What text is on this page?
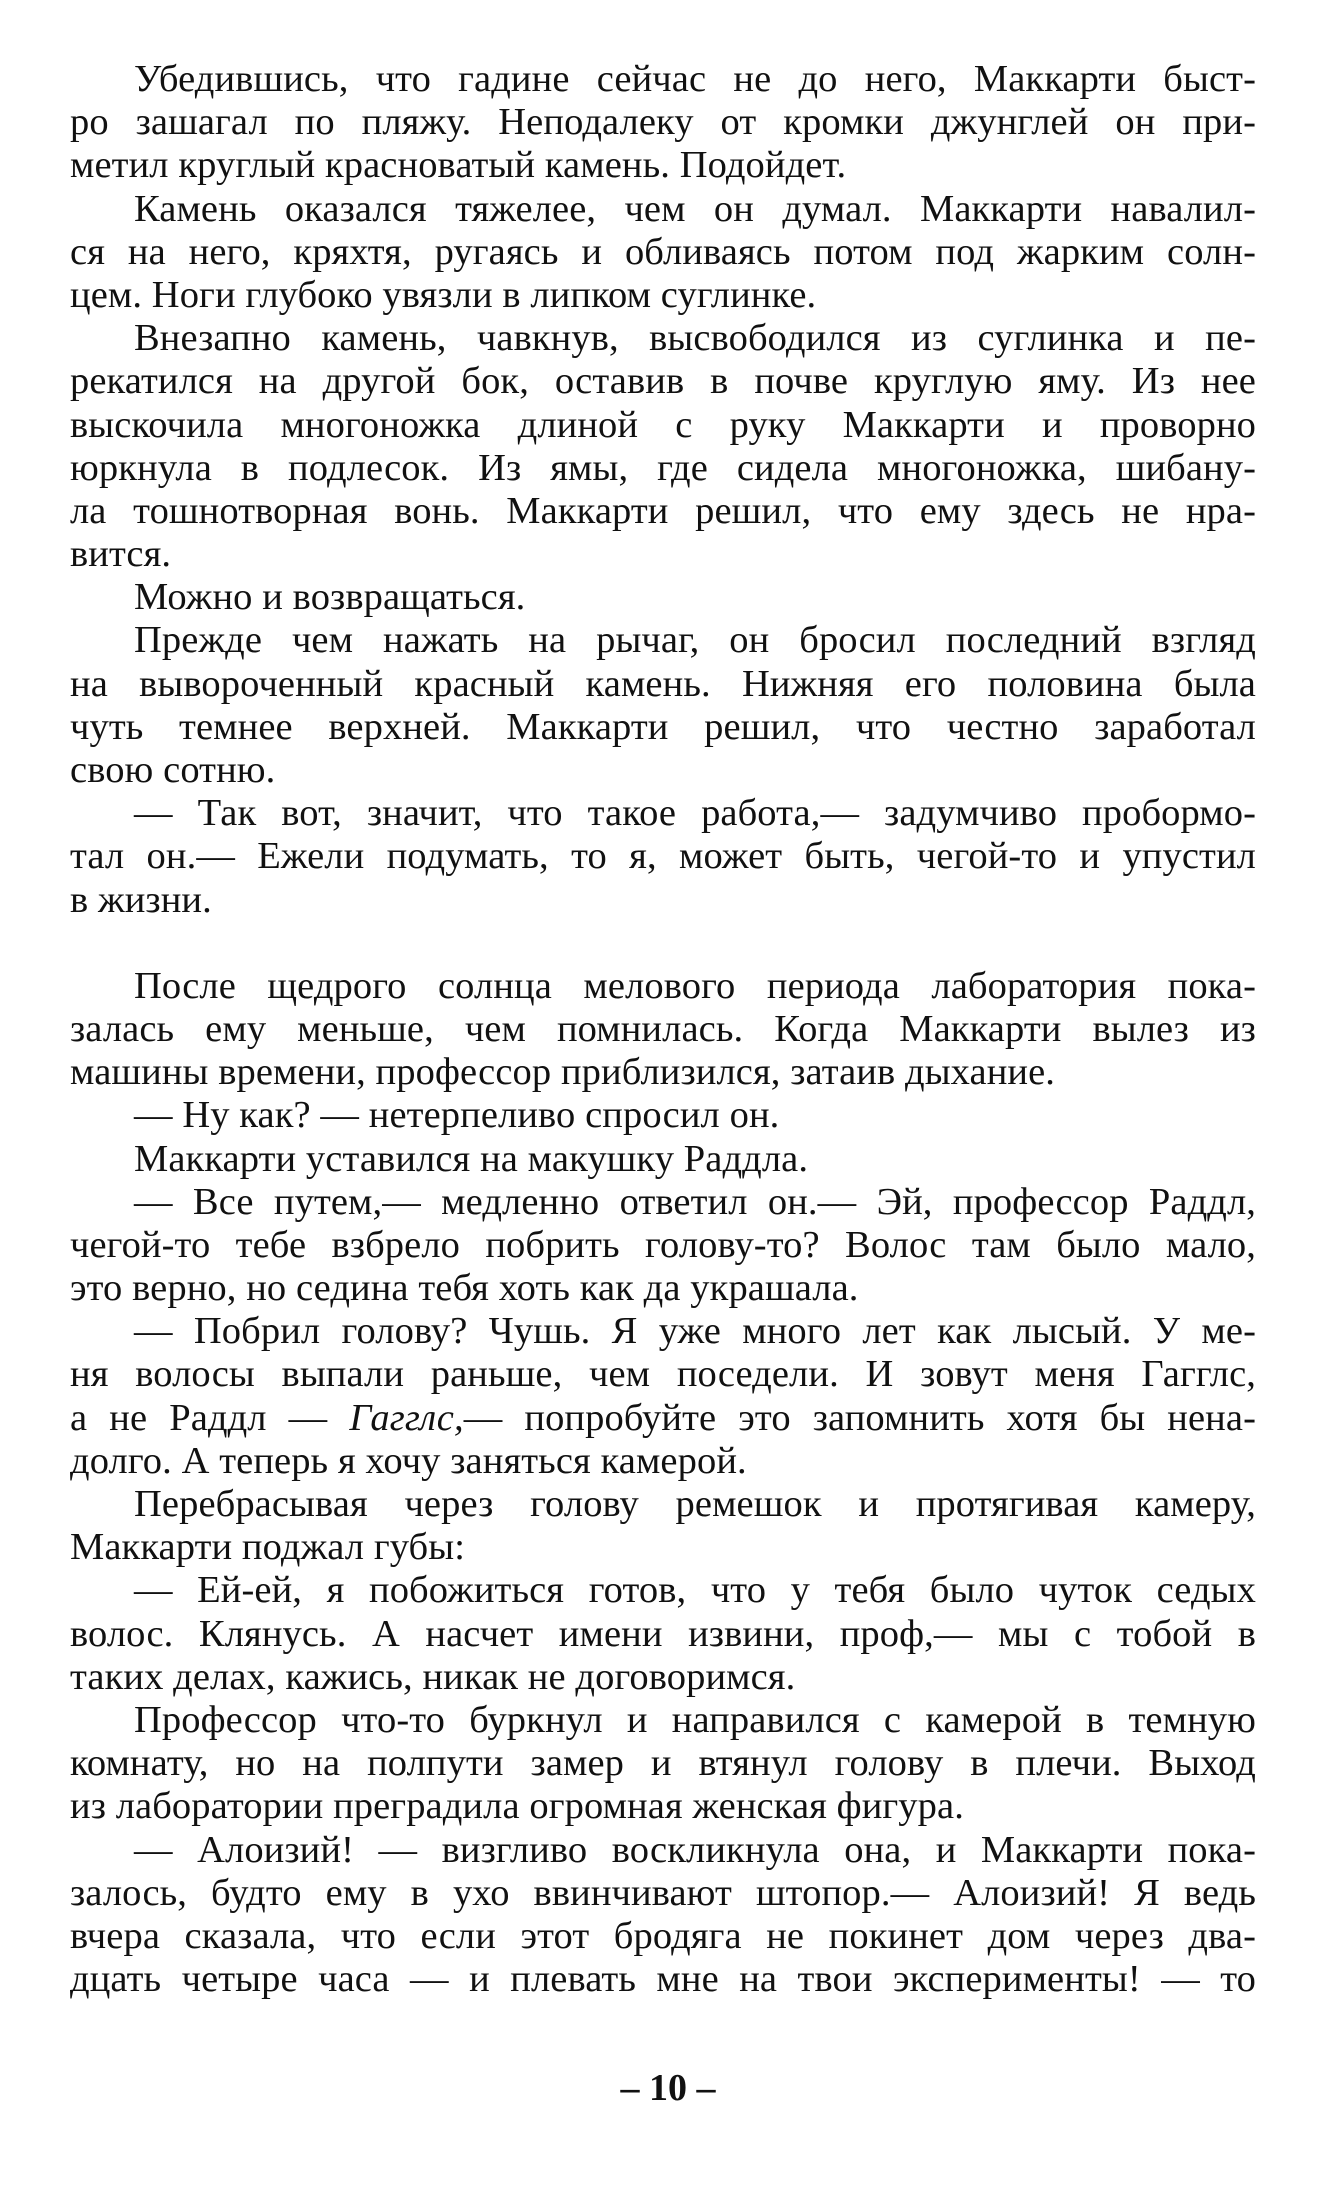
Убедившись, что гадине сейчас не до него, Маккарти быст-
ро зашагал по пляжу. Неподалеку от кромки джунглей он при-
метил круглый красноватый камень. Подойдет.
Камень оказался тяжелее, чем он думал. Маккарти навалил-
ся на него, кряхтя, ругаясь и обливаясь потом под жарким солн-
цем. Ноги глубоко увязли в липком суглинке.
Внезапно камень, чавкнув, высвободился из суглинка и пе-
рекатился на другой бок, оставив в почве круглую яму. Из нее
выскочила многоножка длиной с руку Маккарти и проворно
юркнула в подлесок. Из ямы, где сидела многоножка, шибану-
ла тошнотворная вонь. Маккарти решил, что ему здесь не нра-
вится.
Можно и возвращаться.
Прежде чем нажать на рычаг, он бросил последний взгляд
на вывороченный красный камень. Нижняя его половина была
чуть темнее верхней. Маккарти решил, что честно заработал
свою сотню.
— Так вот, значит, что такое работа,— задумчиво пробормо-
тал он.— Ежели подумать, то я, может быть, чегой-то и упустил
в жизни.
После щедрого солнца мелового периода лаборатория пока-
залась ему меньше, чем помнилась. Когда Маккарти вылез из
машины времени, профессор приблизился, затаив дыхание.
— Ну как? — нетерпеливо спросил он.
Маккарти уставился на макушку Раддла.
— Все путем,— медленно ответил он.— Эй, профессор Раддл,
чегой-то тебе взбрело побрить голову-то? Волос там было мало,
это верно, но седина тебя хоть как да украшала.
— Побрил голову? Чушь. Я уже много лет как лысый. У ме-
ня волосы выпали раньше, чем поседели. И зовут меня Гагглс,
а не Раддл — Гагглс,— попробуйте это запомнить хотя бы нена-
долго. А теперь я хочу заняться камерой.
Перебрасывая через голову ремешок и протягивая камеру,
Маккарти поджал губы:
— Ей-ей, я побожиться готов, что у тебя было чуток седых
волос. Клянусь. А насчет имени извини, проф,— мы с тобой в
таких делах, кажись, никак не договоримся.
Профессор что-то буркнул и направился с камерой в темную
комнату, но на полпути замер и втянул голову в плечи. Выход
из лаборатории преградила огромная женская фигура.
— Алоизий! — визгливо воскликнула она, и Маккарти пока-
залось, будто ему в ухо ввинчивают штопор.— Алоизий! Я ведь
вчера сказала, что если этот бродяга не покинет дом через два-
дцать четыре часа — и плевать мне на твои эксперименты! — то
– 10 –
